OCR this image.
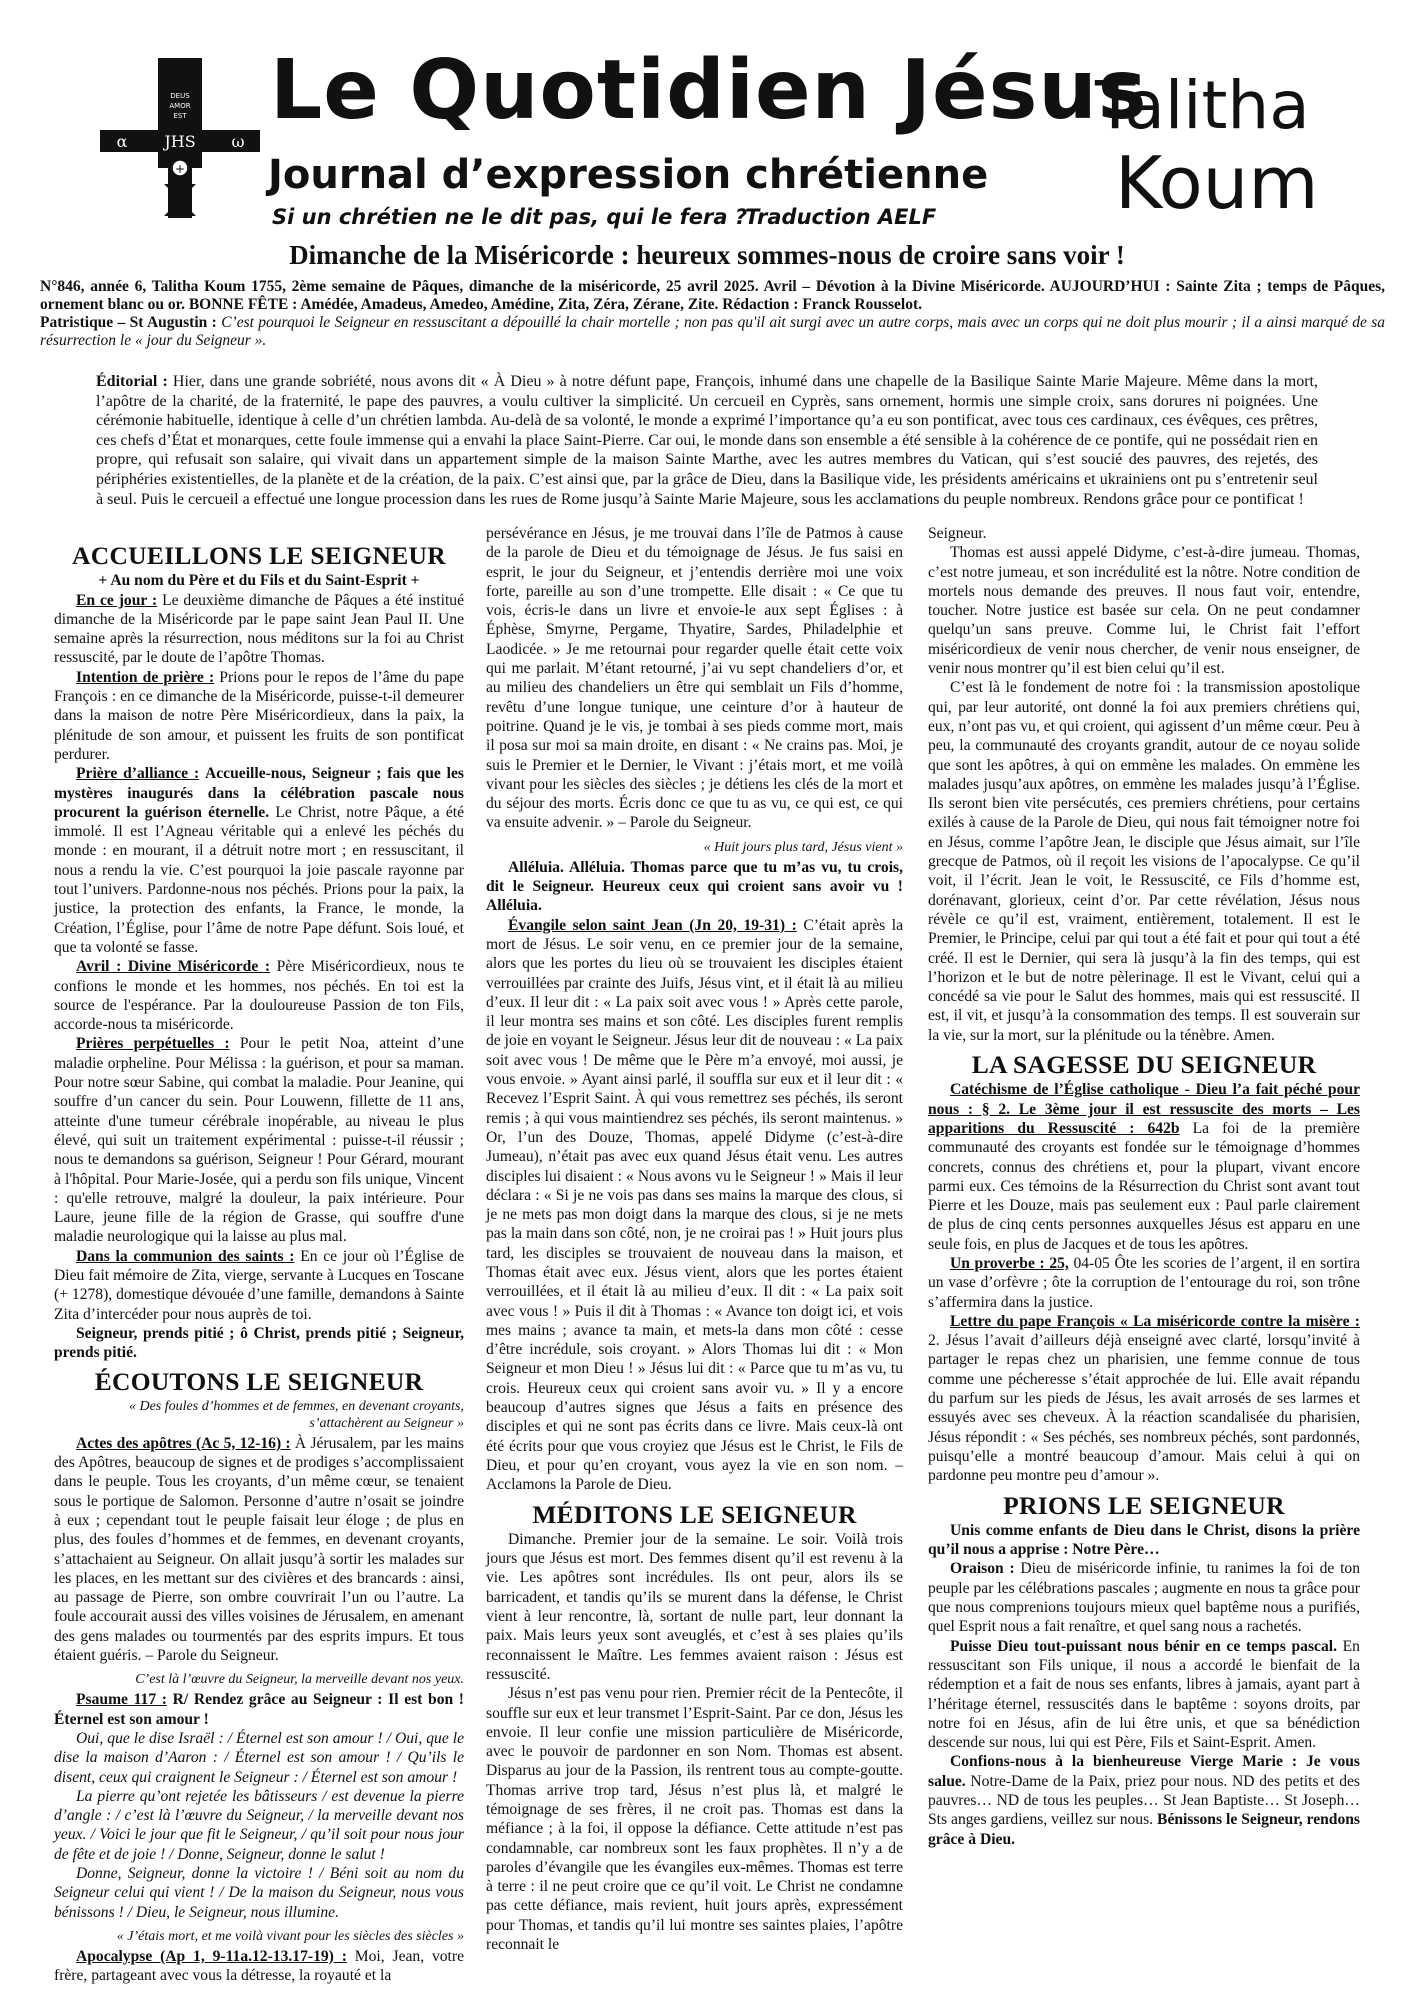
DEUS
AMOR
EST
JHS
α	ω
+
Le Quotidien Jésus
Journal d’expression chrétienne
Si un chrétien ne le dit pas, qui le fera ?
Traduction AELF
Talitha
Koum
Dimanche de la Miséricorde : heureux sommes-nous de croire sans voir !
N°846, année 6, Talitha Koum 1755, 2ème semaine de Pâques, dimanche de la miséricorde, 25 avril 2025. Avril – Dévotion à la Divine Miséricorde. AUJOURD’HUI : Sainte Zita ; temps de Pâques, ornement blanc ou or. BONNE FÊTE : Amédée, Amadeus, Amedeo, Amédine, Zita, Zéra, Zérane, Zite. Rédaction : Franck Rousselot.
Patristique – St Augustin : C’est pourquoi le Seigneur en ressuscitant a dépouillé la chair mortelle ; non pas qu'il ait surgi avec un autre corps, mais avec un corps qui ne doit plus mourir ; il a ainsi marqué de sa résurrection le « jour du Seigneur ».
Éditorial : Hier, dans une grande sobriété, nous avons dit « À Dieu » à notre défunt pape, François, inhumé dans une chapelle de la Basilique Sainte Marie Majeure. Même dans la mort, l’apôtre de la charité, de la fraternité, le pape des pauvres, a voulu cultiver la simplicité. Un cercueil en Cyprès, sans ornement, hormis une simple croix, sans dorures ni poignées. Une cérémonie habituelle, identique à celle d’un chrétien lambda. Au-delà de sa volonté, le monde a exprimé l’importance qu’a eu son pontificat, avec tous ces cardinaux, ces évêques, ces prêtres, ces chefs d’État et monarques, cette foule immense qui a envahi la place Saint-Pierre. Car oui, le monde dans son ensemble a été sensible à la cohérence de ce pontife, qui ne possédait rien en propre, qui refusait son salaire, qui vivait dans un appartement simple de la maison Sainte Marthe, avec les autres membres du Vatican, qui s’est soucié des pauvres, des rejetés, des périphéries existentielles, de la planète et de la création, de la paix. C’est ainsi que, par la grâce de Dieu, dans la Basilique vide, les présidents américains et ukrainiens ont pu s’entretenir seul à seul. Puis le cercueil a effectué une longue procession dans les rues de Rome jusqu’à Sainte Marie Majeure, sous les acclamations du peuple nombreux. Rendons grâce pour ce pontificat !
ACCUEILLONS LE SEIGNEUR

+ Au nom du Père et du Fils et du Saint-Esprit +

En ce jour : Le deuxième dimanche de Pâques a été institué dimanche de la Miséricorde par le pape saint Jean Paul II. Une semaine après la résurrection, nous méditons sur la foi au Christ ressuscité, par le doute de l’apôtre Thomas.

Intention de prière : Prions pour le repos de l’âme du pape François : en ce dimanche de la Miséricorde, puisse-t-il demeurer dans la maison de notre Père Miséricordieux, dans la paix, la plénitude de son amour, et puissent les fruits de son pontificat perdurer.

Prière d’alliance : Accueille-nous, Seigneur ; fais que les mystères inaugurés dans la célébration pascale nous procurent la guérison éternelle. Le Christ, notre Pâque, a été immolé. Il est l’Agneau véritable qui a enlevé les péchés du monde : en mourant, il a détruit notre mort ; en ressuscitant, il nous a rendu la vie. C’est pourquoi la joie pascale rayonne par tout l’univers. Pardonne-nous nos péchés. Prions pour la paix, la justice, la protection des enfants, la France, le monde, la Création, l’Église, pour l’âme de notre Pape défunt. Sois loué, et que ta volonté se fasse.

Avril : Divine Miséricorde : Père Miséricordieux, nous te confions le monde et les hommes, nos péchés. En toi est la source de l'espérance. Par la douloureuse Passion de ton Fils, accorde-nous ta miséricorde.

Prières perpétuelles : Pour le petit Noa, atteint d’une maladie orpheline. Pour Mélissa : la guérison, et pour sa maman. Pour notre sœur Sabine, qui combat la maladie. Pour Jeanine, qui souffre d’un cancer du sein. Pour Louwenn, fillette de 11 ans, atteinte d'une tumeur cérébrale inopérable, au niveau le plus élevé, qui suit un traitement expérimental : puisse-t-il réussir ; nous te demandons sa guérison, Seigneur ! Pour Gérard, mourant à l'hôpital. Pour Marie-Josée, qui a perdu son fils unique, Vincent : qu'elle retrouve, malgré la douleur, la paix intérieure. Pour Laure, jeune fille de la région de Grasse, qui souffre d'une maladie neurologique qui la laisse au plus mal.

Dans la communion des saints : En ce jour où l’Église de Dieu fait mémoire de Zita, vierge, servante à Lucques en Toscane (+ 1278), domestique dévouée d’une famille, demandons à Sainte Zita d’intercéder pour nous auprès de toi.

Seigneur, prends pitié ; ô Christ, prends pitié ; Seigneur, prends pitié.

ÉCOUTONS LE SEIGNEUR
« Des foules d’hommes et de femmes, en devenant croyants, s’attachèrent au Seigneur »

Actes des apôtres (Ac 5, 12-16) : À Jérusalem, par les mains des Apôtres, beaucoup de signes et de prodiges s’accomplissaient dans le peuple. Tous les croyants, d’un même cœur, se tenaient sous le portique de Salomon. Personne d’autre n’osait se joindre à eux ; cependant tout le peuple faisait leur éloge ; de plus en plus, des foules d’hommes et de femmes, en devenant croyants, s’attachaient au Seigneur. On allait jusqu’à sortir les malades sur les places, en les mettant sur des civières et des brancards : ainsi, au passage de Pierre, son ombre couvrirait l’un ou l’autre. La foule accourait aussi des villes voisines de Jérusalem, en amenant des gens malades ou tourmentés par des esprits impurs. Et tous étaient guéris. – Parole du Seigneur.

C’est là l’œuvre du Seigneur, la merveille devant nos yeux.

Psaume 117 : R/ Rendez grâce au Seigneur : Il est bon ! Éternel est son amour !

Oui, que le dise Israël : / Éternel est son amour ! / Oui, que le dise la maison d’Aaron : / Éternel est son amour ! / Qu’ils le disent, ceux qui craignent le Seigneur : / Éternel est son amour !

La pierre qu’ont rejetée les bâtisseurs / est devenue la pierre d’angle : / c’est là l’œuvre du Seigneur, / la merveille devant nos yeux. / Voici le jour que fit le Seigneur, / qu’il soit pour nous jour de fête et de joie ! / Donne, Seigneur, donne le salut !

Donne, Seigneur, donne la victoire ! / Béni soit au nom du Seigneur celui qui vient ! / De la maison du Seigneur, nous vous bénissons ! / Dieu, le Seigneur, nous illumine.

« J’étais mort, et me voilà vivant pour les siècles des siècles »

Apocalypse (Ap 1, 9-11a.12-13.17-19) : Moi, Jean, votre frère, partageant avec vous la détresse, la royauté et la

persévérance en Jésus, je me trouvai dans l’île de Patmos à cause de la parole de Dieu et du témoignage de Jésus. Je fus saisi en esprit, le jour du Seigneur, et j’entendis derrière moi une voix forte, pareille au son d’une trompette. Elle disait : « Ce que tu vois, écris-le dans un livre et envoie-le aux sept Églises : à Éphèse, Smyrne, Pergame, Thyatire, Sardes, Philadelphie et Laodicée. » Je me retournai pour regarder quelle était cette voix qui me parlait. M’étant retourné, j’ai vu sept chandeliers d’or, et au milieu des chandeliers un être qui semblait un Fils d’homme, revêtu d’une longue tunique, une ceinture d’or à hauteur de poitrine. Quand je le vis, je tombai à ses pieds comme mort, mais il posa sur moi sa main droite, en disant : « Ne crains pas. Moi, je suis le Premier et le Dernier, le Vivant : j’étais mort, et me voilà vivant pour les siècles des siècles ; je détiens les clés de la mort et du séjour des morts. Écris donc ce que tu as vu, ce qui est, ce qui va ensuite advenir. » – Parole du Seigneur.

« Huit jours plus tard, Jésus vient »

Alléluia. Alléluia. Thomas parce que tu m’as vu, tu crois, dit le Seigneur. Heureux ceux qui croient sans avoir vu ! Alléluia.

Évangile selon saint Jean (Jn 20, 19-31) : C’était après la mort de Jésus. Le soir venu, en ce premier jour de la semaine, alors que les portes du lieu où se trouvaient les disciples étaient verrouillées par crainte des Juifs, Jésus vint, et il était là au milieu d’eux. Il leur dit : « La paix soit avec vous ! » Après cette parole, il leur montra ses mains et son côté. Les disciples furent remplis de joie en voyant le Seigneur. Jésus leur dit de nouveau : « La paix soit avec vous ! De même que le Père m’a envoyé, moi aussi, je vous envoie. » Ayant ainsi parlé, il souffla sur eux et il leur dit : « Recevez l’Esprit Saint. À qui vous remettrez ses péchés, ils seront remis ; à qui vous maintiendrez ses péchés, ils seront maintenus. » Or, l’un des Douze, Thomas, appelé Didyme (c’est-à-dire Jumeau), n’était pas avec eux quand Jésus était venu. Les autres disciples lui disaient : « Nous avons vu le Seigneur ! » Mais il leur déclara : « Si je ne vois pas dans ses mains la marque des clous, si je ne mets pas mon doigt dans la marque des clous, si je ne mets pas la main dans son côté, non, je ne croirai pas ! » Huit jours plus tard, les disciples se trouvaient de nouveau dans la maison, et Thomas était avec eux. Jésus vient, alors que les portes étaient verrouillées, et il était là au milieu d’eux. Il dit : « La paix soit avec vous ! » Puis il dit à Thomas : « Avance ton doigt ici, et vois mes mains ; avance ta main, et mets-la dans mon côté : cesse d’être incrédule, sois croyant. » Alors Thomas lui dit : « Mon Seigneur et mon Dieu ! » Jésus lui dit : « Parce que tu m’as vu, tu crois. Heureux ceux qui croient sans avoir vu. » Il y a encore beaucoup d’autres signes que Jésus a faits en présence des disciples et qui ne sont pas écrits dans ce livre. Mais ceux-là ont été écrits pour que vous croyiez que Jésus est le Christ, le Fils de Dieu, et pour qu’en croyant, vous ayez la vie en son nom. – Acclamons la Parole de Dieu.

MÉDITONS LE SEIGNEUR

Dimanche. Premier jour de la semaine. Le soir. Voilà trois jours que Jésus est mort. Des femmes disent qu’il est revenu à la vie. Les apôtres sont incrédules. Ils ont peur, alors ils se barricadent, et tandis qu’ils se murent dans la défense, le Christ vient à leur rencontre, là, sortant de nulle part, leur donnant la paix. Mais leurs yeux sont aveuglés, et c’est à ses plaies qu’ils reconnaissent le Maître. Les femmes avaient raison : Jésus est ressuscité.

Jésus n’est pas venu pour rien. Premier récit de la Pentecôte, il souffle sur eux et leur transmet l’Esprit-Saint. Par ce don, Jésus les envoie. Il leur confie une mission particulière de Miséricorde, avec le pouvoir de pardonner en son Nom. Thomas est absent. Disparus au jour de la Passion, ils rentrent tous au compte-goutte. Thomas arrive trop tard, Jésus n’est plus là, et malgré le témoignage de ses frères, il ne croit pas. Thomas est dans la méfiance ; à la foi, il oppose la défiance. Cette attitude n’est pas condamnable, car nombreux sont les faux prophètes. Il n’y a de paroles d’évangile que les évangiles eux-mêmes. Thomas est terre à terre : il ne peut croire que ce qu’il voit. Le Christ ne condamne pas cette défiance, mais revient, huit jours après, expressément pour Thomas, et tandis qu’il lui montre ses saintes plaies, l’apôtre reconnait le

Seigneur.

Thomas est aussi appelé Didyme, c’est-à-dire jumeau. Thomas, c’est notre jumeau, et son incrédulité est la nôtre. Notre condition de mortels nous demande des preuves. Il nous faut voir, entendre, toucher. Notre justice est basée sur cela. On ne peut condamner quelqu’un sans preuve. Comme lui, le Christ fait l’effort miséricordieux de venir nous chercher, de venir nous enseigner, de venir nous montrer qu’il est bien celui qu’il est.

C’est là le fondement de notre foi : la transmission apostolique qui, par leur autorité, ont donné la foi aux premiers chrétiens qui, eux, n’ont pas vu, et qui croient, qui agissent d’un même cœur. Peu à peu, la communauté des croyants grandit, autour de ce noyau solide que sont les apôtres, à qui on emmène les malades. On emmène les malades jusqu’aux apôtres, on emmène les malades jusqu’à l’Église. Ils seront bien vite persécutés, ces premiers chrétiens, pour certains exilés à cause de la Parole de Dieu, qui nous fait témoigner notre foi en Jésus, comme l’apôtre Jean, le disciple que Jésus aimait, sur l’île grecque de Patmos, où il reçoit les visions de l’apocalypse. Ce qu’il voit, il l’écrit. Jean le voit, le Ressuscité, ce Fils d’homme est, dorénavant, glorieux, ceint d’or. Par cette révélation, Jésus nous révèle ce qu’il est, vraiment, entièrement, totalement. Il est le Premier, le Principe, celui par qui tout a été fait et pour qui tout a été créé. Il est le Dernier, qui sera là jusqu’à la fin des temps, qui est l’horizon et le but de notre pèlerinage. Il est le Vivant, celui qui a concédé sa vie pour le Salut des hommes, mais qui est ressuscité. Il est, il vit, et jusqu’à la consommation des temps. Il est souverain sur la vie, sur la mort, sur la plénitude ou la ténèbre. Amen.

LA SAGESSE DU SEIGNEUR

Catéchisme de l’Église catholique - Dieu l’a fait péché pour nous : § 2. Le 3ème jour il est ressuscite des morts – Les apparitions du Ressuscité : 642b La foi de la première communauté des croyants est fondée sur le témoignage d’hommes concrets, connus des chrétiens et, pour la plupart, vivant encore parmi eux. Ces témoins de la Résurrection du Christ sont avant tout Pierre et les Douze, mais pas seulement eux : Paul parle clairement de plus de cinq cents personnes auxquelles Jésus est apparu en une seule fois, en plus de Jacques et de tous les apôtres.

Un proverbe : 25, 04-05 Ôte les scories de l’argent, il en sortira un vase d’orfèvre ; ôte la corruption de l’entourage du roi, son trône s’affermira dans la justice.

Lettre du pape François « La miséricorde contre la misère : 2. Jésus l’avait d’ailleurs déjà enseigné avec clarté, lorsqu’invité à partager le repas chez un pharisien, une femme connue de tous comme une pécheresse s’était approchée de lui. Elle avait répandu du parfum sur les pieds de Jésus, les avait arrosés de ses larmes et essuyés avec ses cheveux. À la réaction scandalisée du pharisien, Jésus répondit : « Ses péchés, ses nombreux péchés, sont pardonnés, puisqu’elle a montré beaucoup d’amour. Mais celui à qui on pardonne peu montre peu d’amour ».

PRIONS LE SEIGNEUR

Unis comme enfants de Dieu dans le Christ, disons la prière qu’il nous a apprise : Notre Père…

Oraison : Dieu de miséricorde infinie, tu ranimes la foi de ton peuple par les célébrations pascales ; augmente en nous ta grâce pour que nous comprenions toujours mieux quel baptême nous a purifiés, quel Esprit nous a fait renaître, et quel sang nous a rachetés.

Puisse Dieu tout-puissant nous bénir en ce temps pascal. En ressuscitant son Fils unique, il nous a accordé le bienfait de la rédemption et a fait de nous ses enfants, libres à jamais, ayant part à l’héritage éternel, ressuscités dans le baptême : soyons droits, par notre foi en Jésus, afin de lui être unis, et que sa bénédiction descende sur nous, lui qui est Père, Fils et Saint-Esprit. Amen.

Confions-nous à la bienheureuse Vierge Marie : Je vous salue. Notre-Dame de la Paix, priez pour nous. ND des petits et des pauvres… ND de tous les peuples… St Jean Baptiste… St Joseph… Sts anges gardiens, veillez sur nous. Bénissons le Seigneur, rendons grâce à Dieu.
